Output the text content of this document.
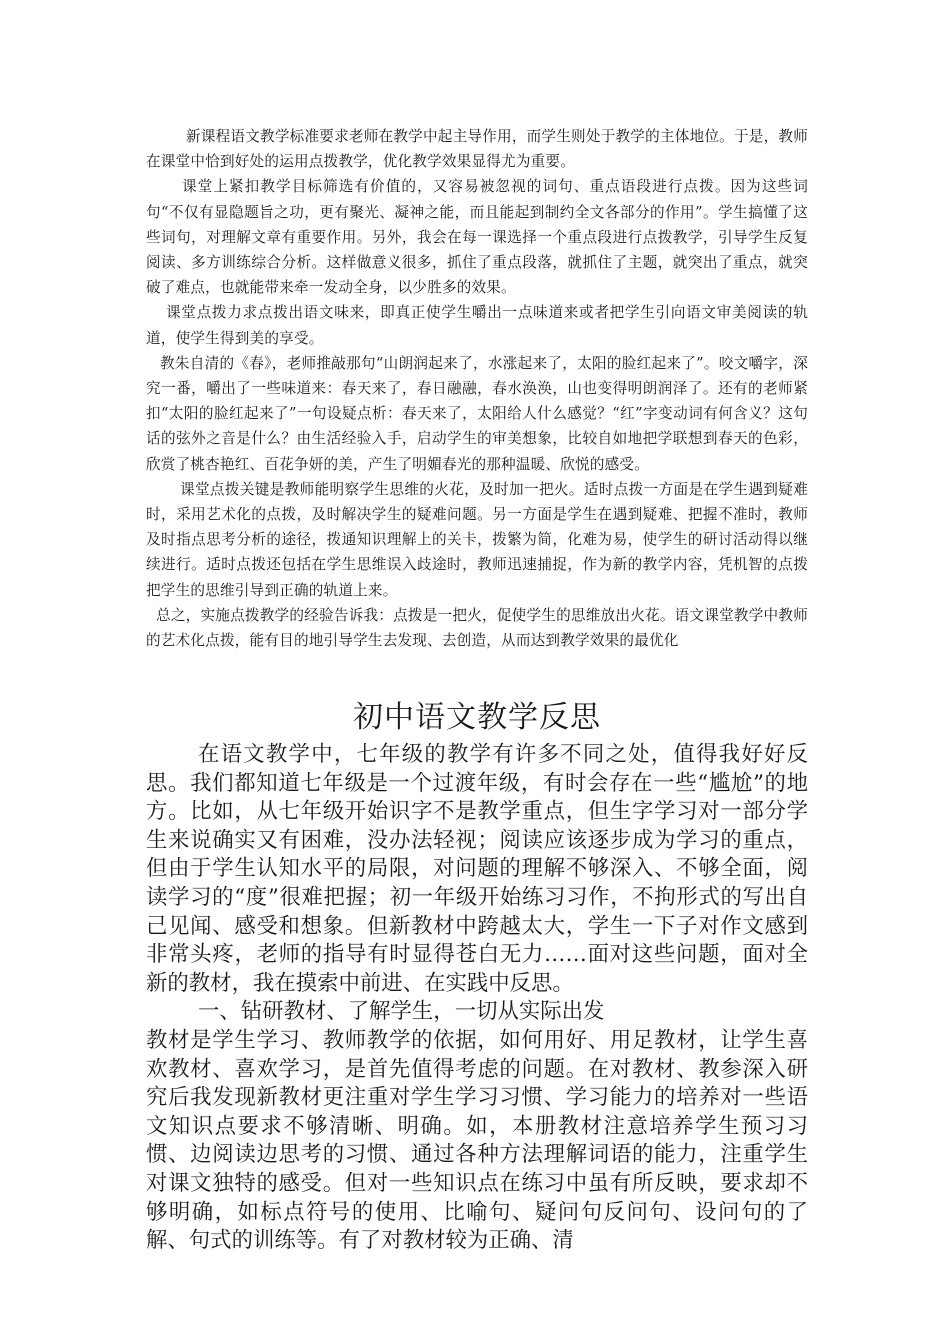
新课程语文教学标准要求老师在教学中起主导作用，而学生则处于教学的主体地位。于是，教师在课堂中恰到好处的运用点拨教学，优化教学效果显得尤为重要。

课堂上紧扣教学目标筛选有价值的，又容易被忽视的词句、重点语段进行点拨。因为这些词句“不仅有显隐题旨之功，更有聚光、凝神之能，而且能起到制约全文各部分的作用”。学生搞懂了这些词句，对理解文章有重要作用。另外，我会在每一课选择一个重点段进行点拨教学，引导学生反复阅读、多方训练综合分析。这样做意义很多，抓住了重点段落，就抓住了主题，就突出了重点，就突破了难点，也就能带来牵一发动全身，以少胜多的效果。

课堂点拨力求点拨出语文味来，即真正使学生嚼出一点味道来或者把学生引向语文审美阅读的轨道，使学生得到美的享受。

教朱自清的《春》，老师推敲那句“山朗润起来了，水涨起来了，太阳的脸红起来了”。咬文嚼字，深究一番，嚼出了一些味道来：春天来了，春日融融，春水涣涣，山也变得明朗润泽了。还有的老师紧扣“太阳的脸红起来了”一句设疑点析：春天来了，太阳给人什么感觉？“红”字变动词有何含义？这句话的弦外之音是什么？由生活经验入手，启动学生的审美想象，比较自如地把学联想到春天的色彩，欣赏了桃杏艳红、百花争妍的美，产生了明媚春光的那种温暖、欣悦的感受。

课堂点拨关键是教师能明察学生思维的火花，及时加一把火。适时点拨一方面是在学生遇到疑难时，采用艺术化的点拨，及时解决学生的疑难问题。另一方面是学生在遇到疑难、把握不准时，教师及时指点思考分析的途径，拨通知识理解上的关卡，拨繁为简，化难为易，使学生的研讨活动得以继续进行。适时点拨还包括在学生思维误入歧途时，教师迅速捕捉，作为新的教学内容，凭机智的点拨把学生的思维引导到正确的轨道上来。

总之，实施点拨教学的经验告诉我：点拨是一把火，促使学生的思维放出火花。语文课堂教学中教师的艺术化点拨，能有目的地引导学生去发现、去创造，从而达到教学效果的最优化

初中语文教学反思

在语文教学中，七年级的教学有许多不同之处，值得我好好反思。我们都知道七年级是一个过渡年级，有时会存在一些“尴尬”的地方。比如，从七年级开始识字不是教学重点，但生字学习对一部分学生来说确实又有困难，没办法轻视；阅读应该逐步成为学习的重点，但由于学生认知水平的局限，对问题的理解不够深入、不够全面，阅读学习的“度”很难把握；初一年级开始练习习作，不拘形式的写出自己见闻、感受和想象。但新教材中跨越太大，学生一下子对作文感到非常头疼，老师的指导有时显得苍白无力……面对这些问题，面对全新的教材，我在摸索中前进、在实践中反思。

一、钻研教材、了解学生，一切从实际出发

教材是学生学习、教师教学的依据，如何用好、用足教材，让学生喜欢教材、喜欢学习，是首先值得考虑的问题。在对教材、教参深入研究后我发现新教材更注重对学生学习习惯、学习能力的培养对一些语文知识点要求不够清晰、明确。如，本册教材注意培养学生预习习惯、边阅读边思考的习惯、通过各种方法理解词语的能力，注重学生对课文独特的感受。但对一些知识点在练习中虽有所反映，要求却不够明确，如标点符号的使用、比喻句、疑问句反问句、设问句的了解、句式的训练等。有了对教材较为正确、清
